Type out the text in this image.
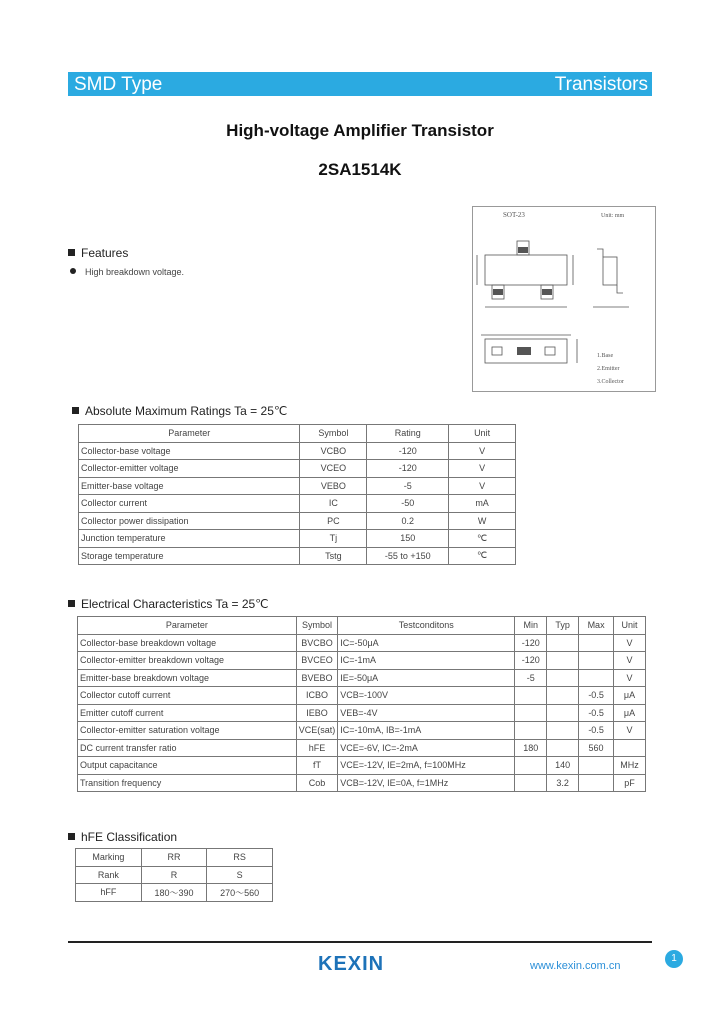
SMD Type	Transistors
High-voltage Amplifier Transistor
2SA1514K
Features
High breakdown voltage.
SOT-23	Unit: mm
1.Base
2.Emitter
3.Collector
Absolute Maximum Ratings Ta = 25℃
Parameter	Symbol	Rating	Unit
Collector-base voltage	VCBO	-120	V
Collector-emitter voltage	VCEO	-120	V
Emitter-base voltage	VEBO	-5	V
Collector current	IC	-50	mA
Collector power dissipation	PC	0.2	W
Junction temperature	Tj	150	℃
Storage temperature	Tstg	-55 to +150	℃
Electrical Characteristics Ta = 25℃
Parameter	Symbol	Testconditons	Min	Typ	Max	Unit
Collector-base breakdown voltage	BVCBO	IC=-50μA	-120			V
Collector-emitter breakdown voltage	BVCEO	IC=-1mA	-120			V
Emitter-base breakdown voltage	BVEBO	IE=-50μA	-5			V
Collector cutoff current	ICBO	VCB=-100V			-0.5	μA
Emitter cutoff current	IEBO	VEB=-4V			-0.5	μA
Collector-emitter saturation voltage	VCE(sat)	IC=-10mA, IB=-1mA			-0.5	V
DC current transfer ratio	hFE	VCE=-6V, IC=-2mA	180		560	
Output capacitance	fT	VCE=-12V, IE=2mA, f=100MHz		140		MHz
Transition frequency	Cob	VCB=-12V, IE=0A, f=1MHz		3.2		pF
hFE Classification
Marking	RR	RS
Rank	R	S
hFF	180～390	270～560
1
KEXIN	www.kexin.com.cn
